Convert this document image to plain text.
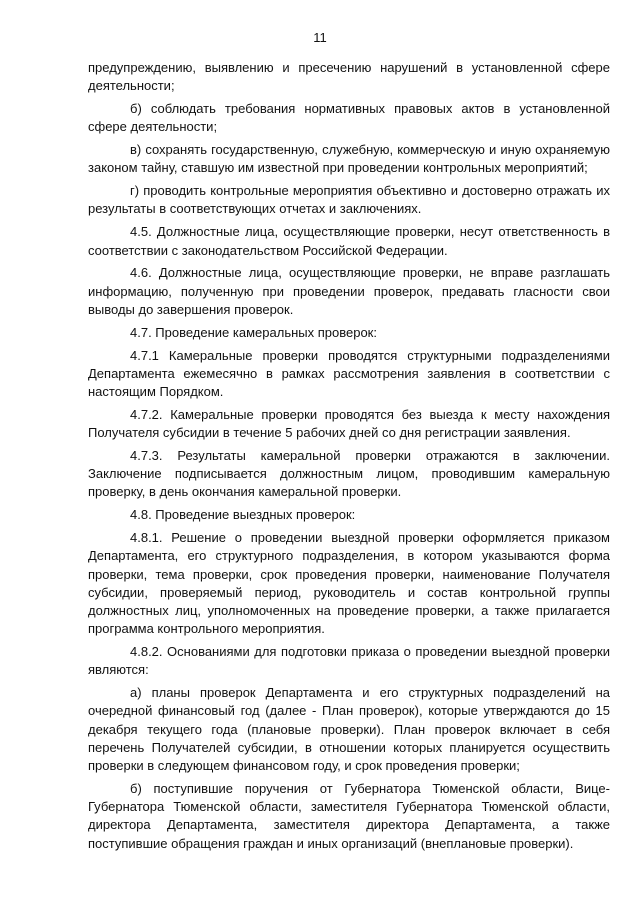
11

предупреждению, выявлению и пресечению нарушений в установленной сфере деятельности;

б) соблюдать требования нормативных правовых актов в установленной сфере деятельности;

в) сохранять государственную, служебную, коммерческую и иную охраняемую законом тайну, ставшую им известной при проведении контрольных мероприятий;

г) проводить контрольные мероприятия объективно и достоверно отражать их результаты в соответствующих отчетах и заключениях.

4.5. Должностные лица, осуществляющие проверки, несут ответственность в соответствии с законодательством Российской Федерации.

4.6. Должностные лица, осуществляющие проверки, не вправе разглашать информацию, полученную при проведении проверок, предавать гласности свои выводы до завершения проверок.

4.7. Проведение камеральных проверок:

4.7.1 Камеральные проверки проводятся структурными подразделениями Департамента ежемесячно в рамках рассмотрения заявления в соответствии с настоящим Порядком.

4.7.2. Камеральные проверки проводятся без выезда к месту нахождения Получателя субсидии в течение 5 рабочих дней со дня регистрации заявления.

4.7.3. Результаты камеральной проверки отражаются в заключении. Заключение подписывается должностным лицом, проводившим камеральную проверку, в день окончания камеральной проверки.

4.8. Проведение выездных проверок:

4.8.1. Решение о проведении выездной проверки оформляется приказом Департамента, его структурного подразделения, в котором указываются форма проверки, тема проверки, срок проведения проверки, наименование Получателя субсидии, проверяемый период, руководитель и состав контрольной группы должностных лиц, уполномоченных на проведение проверки, а также прилагается программа контрольного мероприятия.

4.8.2. Основаниями для подготовки приказа о проведении выездной проверки являются:

а) планы проверок Департамента и его структурных подразделений на очередной финансовый год (далее - План проверок), которые утверждаются до 15 декабря текущего года (плановые проверки). План проверок включает в себя перечень Получателей субсидии, в отношении которых планируется осуществить проверки в следующем финансовом году, и срок проведения проверки;

б) поступившие поручения от Губернатора Тюменской области, Вице-Губернатора Тюменской области, заместителя Губернатора Тюменской области, директора Департамента, заместителя директора Департамента, а также поступившие обращения граждан и иных организаций (внеплановые проверки).
